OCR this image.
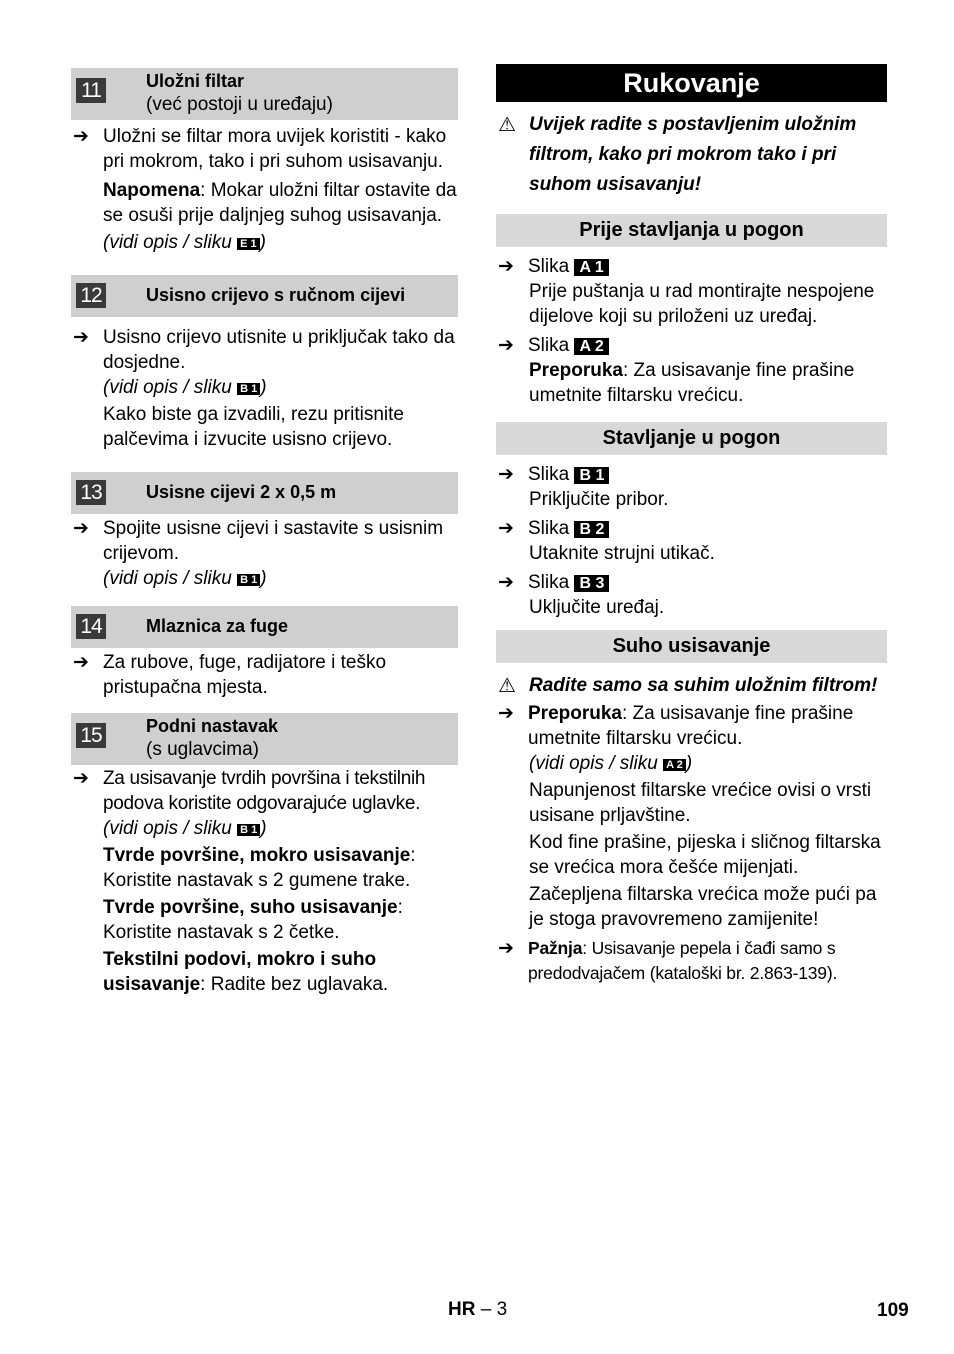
11	Uložni filtar
(već postoji u uređaju)
➔ Uložni se filtar mora uvijek koristiti - kako pri mokrom, tako i pri suhom usisavanju.
Napomena: Mokar uložni filtar ostavite da se osuši prije daljnjeg suhog usisavanja.
(vidi opis / sliku E 1 )
12 Usisno crijevo s ručnom cijevi
➔ Usisno crijevo utisnite u priključak tako da dosjedne.
(vidi opis / sliku B 1 )
Kako biste ga izvadili, rezu pritisnite palčevima i izvucite usisno crijevo.
13 Usisne cijevi 2 x 0,5 m
➔ Spojite usisne cijevi i sastavite s usisnim crijevom.
(vidi opis / sliku B 1 )
14 Mlaznica za fuge
➔ Za rubove, fuge, radijatore i teško pristupačna mjesta.
15 Podni nastavak
(s uglavcima)
➔ Za usisavanje tvrdih površina i tekstilnih podova koristite odgovarajuće uglavke.
(vidi opis / sliku B 1 )
Tvrde površine, mokro usisavanje: Koristite nastavak s 2 gumene trake.
Tvrde površine, suho usisavanje: Koristite nastavak s 2 četke.
Tekstilni podovi, mokro i suho usisavanje: Radite bez uglavaka.
Rukovanje
⚠ Uvijek radite s postavljenim uložnim filtrom, kako pri mokrom tako i pri suhom usisavanju!
Prije stavljanja u pogon
➔ Slika A 1
Prije puštanja u rad montirajte nespojene dijelove koji su priloženi uz uređaj.
➔ Slika A 2
Preporuka: Za usisavanje fine prašine umetnite filtarsku vrećicu.
Stavljanje u pogon
➔ Slika B 1
Priključite pribor.
➔ Slika B 2
Utaknite strujni utikač.
➔ Slika B 3
Uključite uređaj.
Suho usisavanje
⚠ Radite samo sa suhim uložnim filtrom!
➔ Preporuka: Za usisavanje fine prašine umetnite filtarsku vrećicu.
(vidi opis / sliku A 2 )
Napunjenost filtarske vrećice ovisi o vrsti usisane prljavštine.
Kod fine prašine, pijeska i sličnog filtarska se vrećica mora češće mijenjati.
Začepljena filtarska vrećica može pući pa je stoga pravovremeno zamijenite!
➔ Pažnja: Usisavanje pepela i čađi samo s predodvajačem (kataloški br. 2.863-139).
HR – 3	109
